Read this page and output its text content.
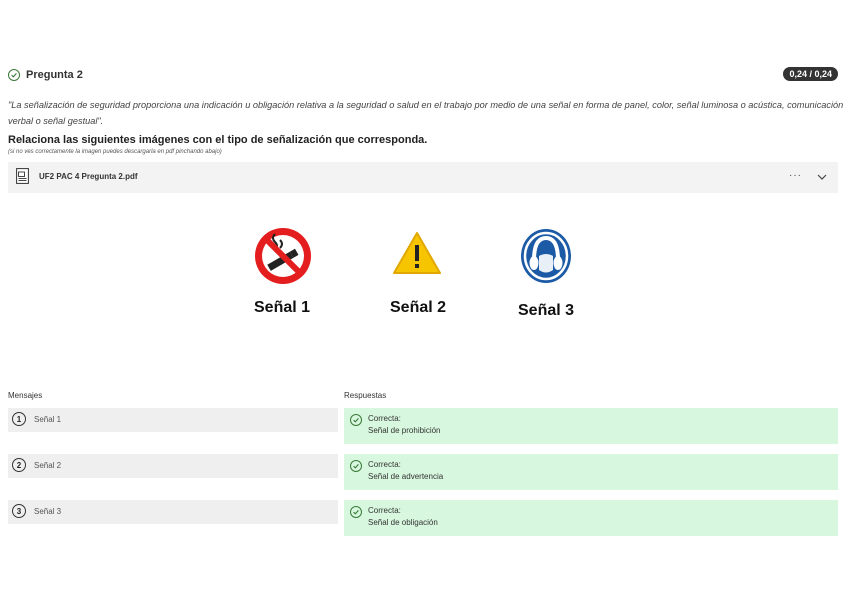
Pregunta 2	0,24 / 0,24
"La señalización de seguridad proporciona una indicación u obligación relativa a la seguridad o salud en el trabajo por medio de una señal en forma de panel, color, señal luminosa o acústica, comunicación verbal o señal gestual".
Relaciona las siguientes imágenes con el tipo de señalización que corresponda.
(si no ves correctamente la imagen puedes descargarla en pdf pinchando abajo)
UF2 PAC 4 Pregunta 2.pdf	···
Señal 1	Señal 2	Señal 3
Mensajes	Respuestas
1	Señal 1	Correcta:
Señal de prohibición
2	Señal 2	Correcta:
Señal de advertencia
3	Señal 3	Correcta:
Señal de obligación
